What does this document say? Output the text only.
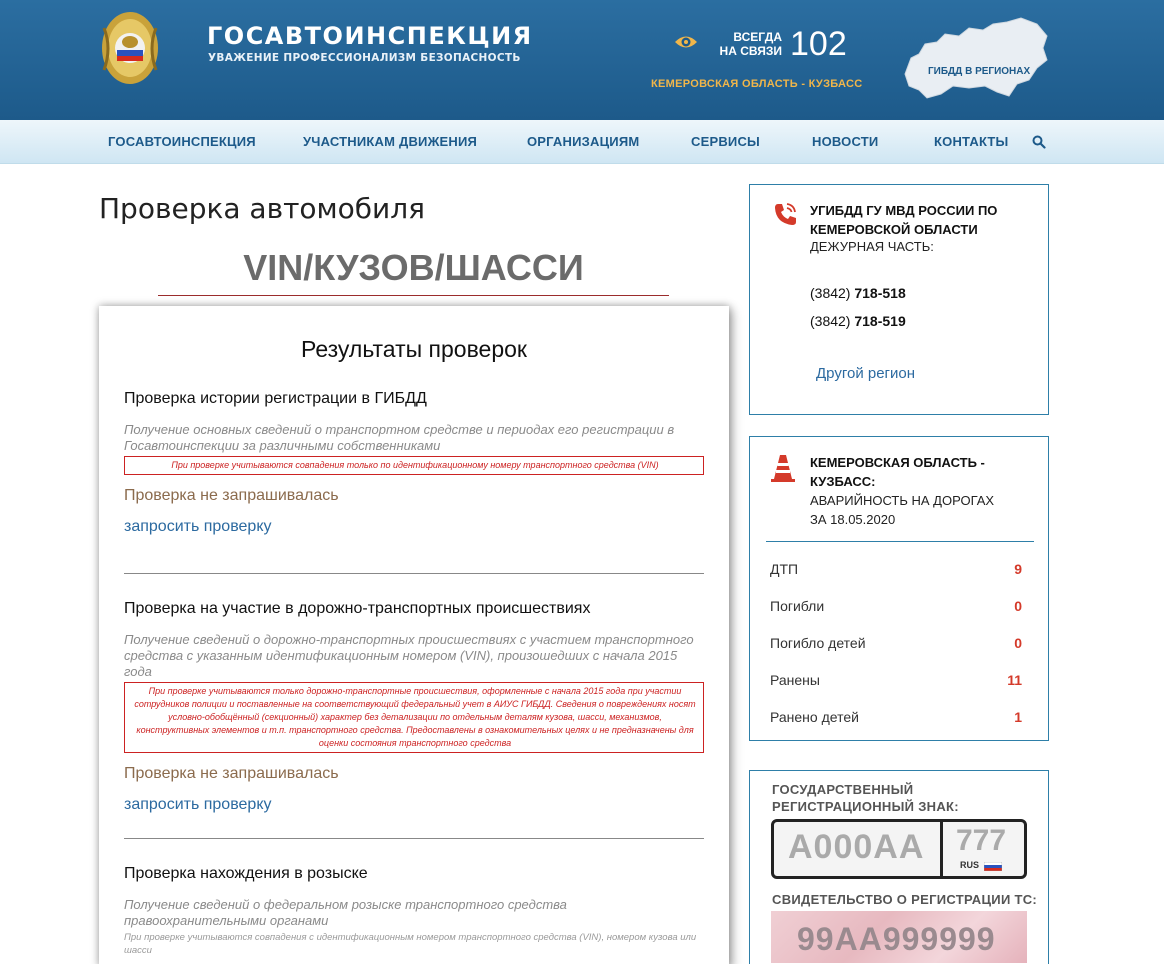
ГОСАВТОИНСПЕКЦИЯ
УВАЖЕНИЕ ПРОФЕССИОНАЛИЗМ БЕЗОПАСНОСТЬ
ВСЕГДА
НА СВЯЗИ 102
КЕМЕРОВСКАЯ ОБЛАСТЬ - КУЗБАСС
ГИБДД В РЕГИОНАХ
ГОСАВТОИНСПЕКЦИЯ	УЧАСТНИКАМ ДВИЖЕНИЯ	ОРГАНИЗАЦИЯМ	СЕРВИСЫ	НОВОСТИ	КОНТАКТЫ
Проверка автомобиля
VIN/КУЗОВ/ШАССИ
Результаты проверок
Проверка истории регистрации в ГИБДД
Получение основных сведений о транспортном средстве и периодах его регистрации в Госавтоинспекции за различными собственниками
При проверке учитываются совпадения только по идентификационному номеру транспортного средства (VIN)
Проверка не запрашивалась
запросить проверку
Проверка на участие в дорожно-транспортных происшествиях
Получение сведений о дорожно-транспортных происшествиях с участием транспортного средства с указанным идентификационным номером (VIN), произошедших с начала 2015 года
При проверке учитываются только дорожно-транспортные происшествия, оформленные с начала 2015 года при участии сотрудников полиции и поставленные на соответствующий федеральный учет в АИУС ГИБДД. Сведения о повреждениях носят условно-обобщённый (секционный) характер без детализации по отдельным деталям кузова, шасси, механизмов, конструктивных элементов и т.п. транспортного средства. Предоставлены в ознакомительных целях и не предназначены для оценки состояния транспортного средства
Проверка не запрашивалась
запросить проверку
Проверка нахождения в розыске
Получение сведений о федеральном розыске транспортного средства правоохранительными органами
При проверке учитываются совпадения с идентификационным номером транспортного средства (VIN), номером кузова или шасси
УГИБДД ГУ МВД РОССИИ ПО КЕМЕРОВСКОЙ ОБЛАСТИ
ДЕЖУРНАЯ ЧАСТЬ:
(3842) 718-518
(3842) 718-519
Другой регион
КЕМЕРОВСКАЯ ОБЛАСТЬ - КУЗБАСС:
АВАРИЙНОСТЬ НА ДОРОГАХ
ЗА 18.05.2020
ДТП	9
Погибли	0
Погибло детей	0
Ранены	11
Ранено детей	1
ГОСУДАРСТВЕННЫЙ РЕГИСТРАЦИОННЫЙ ЗНАК:
А000АА 777
RUS
СВИДЕТЕЛЬСТВО О РЕГИСТРАЦИИ ТС:
99АА999999
